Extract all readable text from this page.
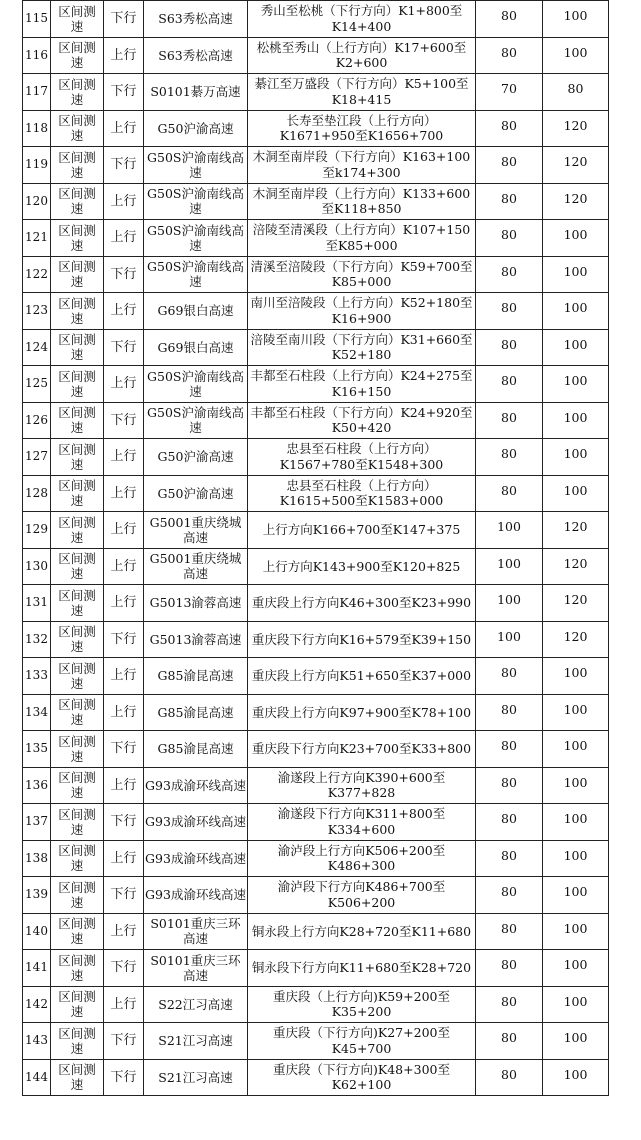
115	区间测速	下行	S63秀松高速	秀山至松桃（下行方向）K1+800至K14+400	80	100
116	区间测速	上行	S63秀松高速	松桃至秀山（上行方向）K17+600至K2+600	80	100
117	区间测速	下行	S0101綦万高速	綦江至万盛段（下行方向）K5+100至K18+415	70	80
118	区间测速	上行	G50沪渝高速	长寿至垫江段（上行方向）K1671+950至K1656+700	80	120
119	区间测速	下行	G50S沪渝南线高速	木洞至南岸段（下行方向）K163+100至k174+300	80	120
120	区间测速	上行	G50S沪渝南线高速	木洞至南岸段（上行方向）K133+600至K118+850	80	120
121	区间测速	上行	G50S沪渝南线高速	涪陵至清溪段（上行方向）K107+150至K85+000	80	100
122	区间测速	下行	G50S沪渝南线高速	清溪至涪陵段（下行方向）K59+700至K85+000	80	100
123	区间测速	上行	G69银白高速	南川至涪陵段（上行方向）K52+180至K16+900	80	100
124	区间测速	下行	G69银白高速	涪陵至南川段（下行方向）K31+660至K52+180	80	100
125	区间测速	上行	G50S沪渝南线高速	丰都至石柱段（上行方向）K24+275至K16+150	80	100
126	区间测速	下行	G50S沪渝南线高速	丰都至石柱段（下行方向）K24+920至K50+420	80	100
127	区间测速	上行	G50沪渝高速	忠县至石柱段（上行方向）K1567+780至K1548+300	80	100
128	区间测速	上行	G50沪渝高速	忠县至石柱段（上行方向）K1615+500至K1583+000	80	100
129	区间测速	上行	G5001重庆绕城高速	上行方向K166+700至K147+375	100	120
130	区间测速	上行	G5001重庆绕城高速	上行方向K143+900至K120+825	100	120
131	区间测速	上行	G5013渝蓉高速	重庆段上行方向K46+300至K23+990	100	120
132	区间测速	下行	G5013渝蓉高速	重庆段下行方向K16+579至K39+150	100	120
133	区间测速	上行	G85渝昆高速	重庆段上行方向K51+650至K37+000	80	100
134	区间测速	上行	G85渝昆高速	重庆段上行方向K97+900至K78+100	80	100
135	区间测速	下行	G85渝昆高速	重庆段下行方向K23+700至K33+800	80	100
136	区间测速	上行	G93成渝环线高速	渝遂段上行方向K390+600至K377+828	80	100
137	区间测速	下行	G93成渝环线高速	渝遂段下行方向K311+800至K334+600	80	100
138	区间测速	上行	G93成渝环线高速	渝泸段上行方向K506+200至K486+300	80	100
139	区间测速	下行	G93成渝环线高速	渝泸段下行方向K486+700至K506+200	80	100
140	区间测速	上行	S0101重庆三环高速	铜永段上行方向K28+720至K11+680	80	100
141	区间测速	下行	S0101重庆三环高速	铜永段下行方向K11+680至K28+720	80	100
142	区间测速	上行	S22江习高速	重庆段（上行方向)K59+200至K35+200	80	100
143	区间测速	下行	S21江习高速	重庆段（下行方向)K27+200至K45+700	80	100
144	区间测速	下行	S21江习高速	重庆段（下行方向)K48+300至K62+100	80	100
